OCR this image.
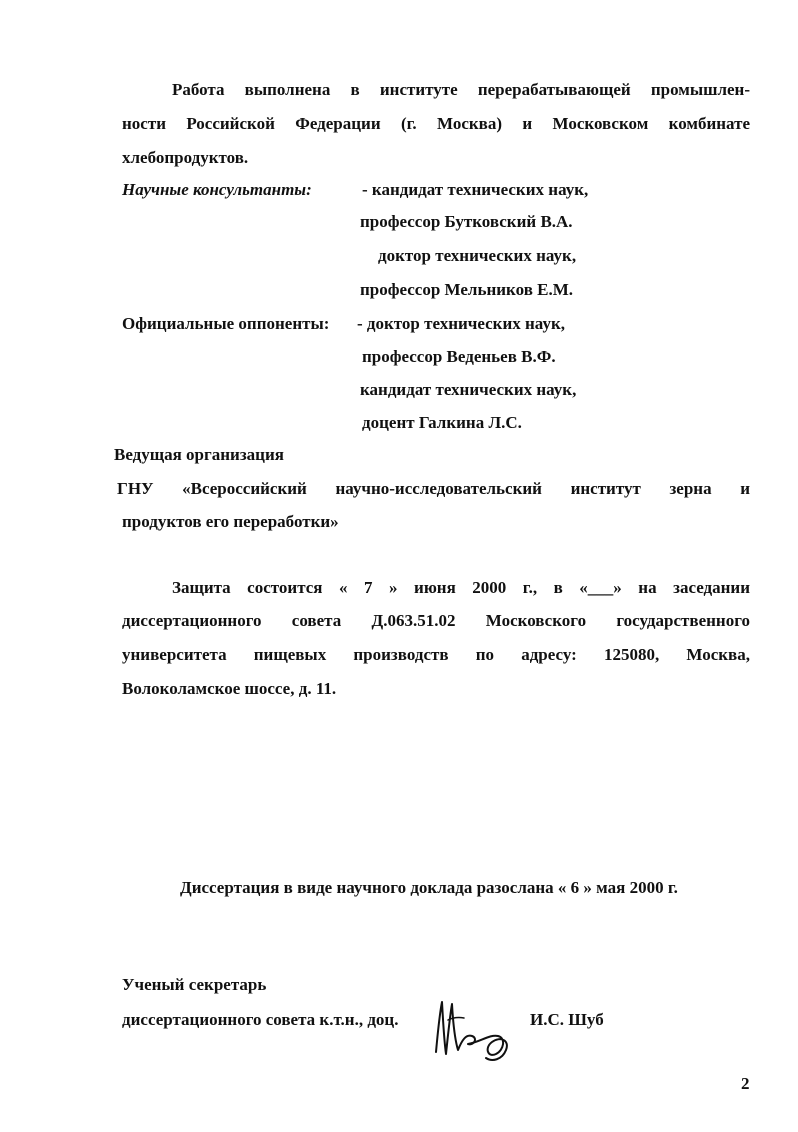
Работа выполнена в институте перерабатывающей промышлен-
ности Российской Федерации (г. Москва) и Московском комбинате
хлебопродуктов.
Научные консультанты:	- кандидат технических наук,
профессор Бутковский В.А.
доктор технических наук,
профессор Мельников Е.М.
Официальные оппоненты: - доктор технических наук,
профессор Веденьев В.Ф.
кандидат технических наук,
доцент Галкина Л.С.
Ведущая организация
ГНУ «Всероссийский научно-исследовательский институт зерна и
продуктов его переработки»
Защита состоится « 7 » июня 2000 г., в «___» на заседании
диссертационного совета Д.063.51.02 Московского государственного
университета пищевых производств по адресу: 125080, Москва,
Волоколамское шоссе, д. 11.
Диссертация в виде научного доклада разослана « 6 » мая 2000 г.
Ученый секретарь
диссертационного совета к.т.н., доц.	И.С. Шуб
2
